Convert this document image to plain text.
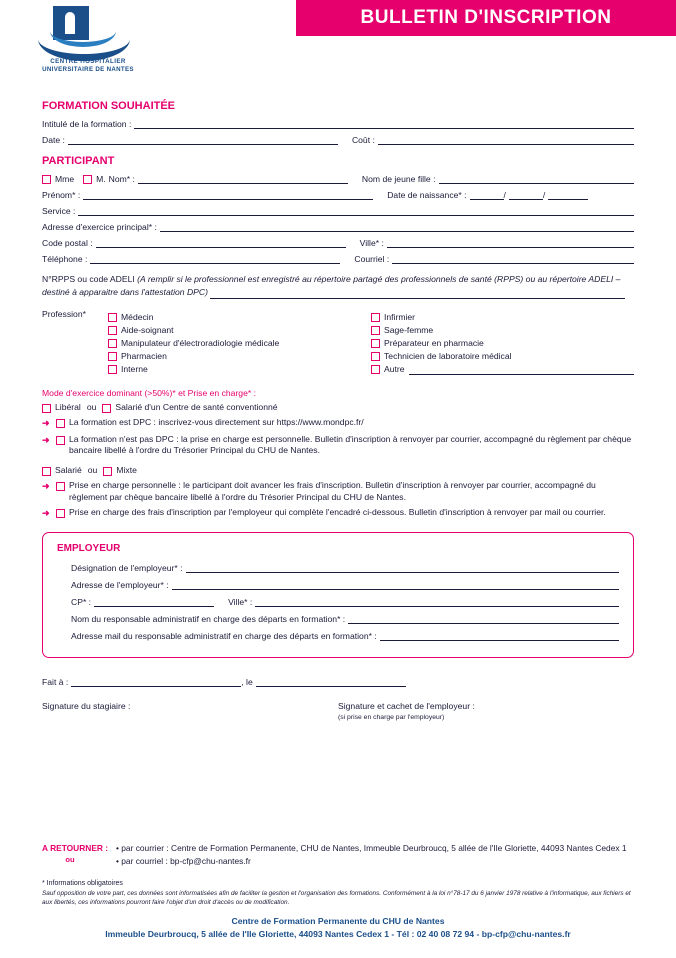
CENTRE HOSPITALIER
UNIVERSITAIRE DE NANTES
BULLETIN D'INSCRIPTION
FORMATION SOUHAITÉE
Intitulé de la formation :
Date :	Coût :
PARTICIPANT
Mme	M. Nom* :	Nom de jeune fille :
Prénom* :	Date de naissance* :	/	/
Service :
Adresse d'exercice principal* :
Code postal :	Ville* :
Téléphone :	Courriel :
N°RPPS ou code ADELI (A remplir si le professionnel est enregistré au répertoire partagé des professionnels de santé (RPPS) ou au répertoire ADELI – destiné à apparaitre dans l'attestation DPC)
Profession*	Médecin
Aide-soignant
Manipulateur d'électroradiologie médicale
Pharmacien
Interne
Infirmier
Sage-femme
Préparateur en pharmacie
Technicien de laboratoire médical
Autre
Mode d'exercice dominant (>50%)* et Prise en charge* :
Libéral ou Salarié d'un Centre de santé conventionné
➜	La formation est DPC : inscrivez-vous directement sur https://www.mondpc.fr/
➜	La formation n'est pas DPC : la prise en charge est personnelle. Bulletin d'inscription à renvoyer par courrier, accompagné du règlement par chèque bancaire libellé à l'ordre du Trésorier Principal du CHU de Nantes.
Salarié ou Mixte
➜	Prise en charge personnelle : le participant doit avancer les frais d'inscription. Bulletin d'inscription à renvoyer par courrier, accompagné du règlement par chèque bancaire libellé à l'ordre du Trésorier Principal du CHU de Nantes.
➜	Prise en charge des frais d'inscription par l'employeur qui complète l'encadré ci-dessous. Bulletin d'inscription à renvoyer par mail ou courrier.
EMPLOYEUR
Désignation de l'employeur* :
Adresse de l'employeur* :
CP* :	Ville* :
Nom du responsable administratif en charge des départs en formation* :
Adresse mail du responsable administratif en charge des départs en formation* :
Fait à :	, le
Signature du stagiaire :	Signature et cachet de l'employeur :
(si prise en charge par l'employeur)
A RETOURNER :
ou
• par courrier : Centre de Formation Permanente, CHU de Nantes, Immeuble Deurbroucq, 5 allée de l'Ile Gloriette, 44093 Nantes Cedex 1
• par courriel : bp-cfp@chu-nantes.fr
* Informations obligatoires
Sauf opposition de votre part, ces données sont informatisées afin de faciliter la gestion et l'organisation des formations. Conformément à la loi n°78-17 du 6 janvier 1978 relative à l'informatique, aux fichiers et aux libertés, ces informations pourront faire l'objet d'un droit d'accès ou de modification.
Centre de Formation Permanente du CHU de Nantes
Immeuble Deurbroucq, 5 allée de l'Ile Gloriette, 44093 Nantes Cedex 1 - Tél : 02 40 08 72 94 - bp-cfp@chu-nantes.fr
